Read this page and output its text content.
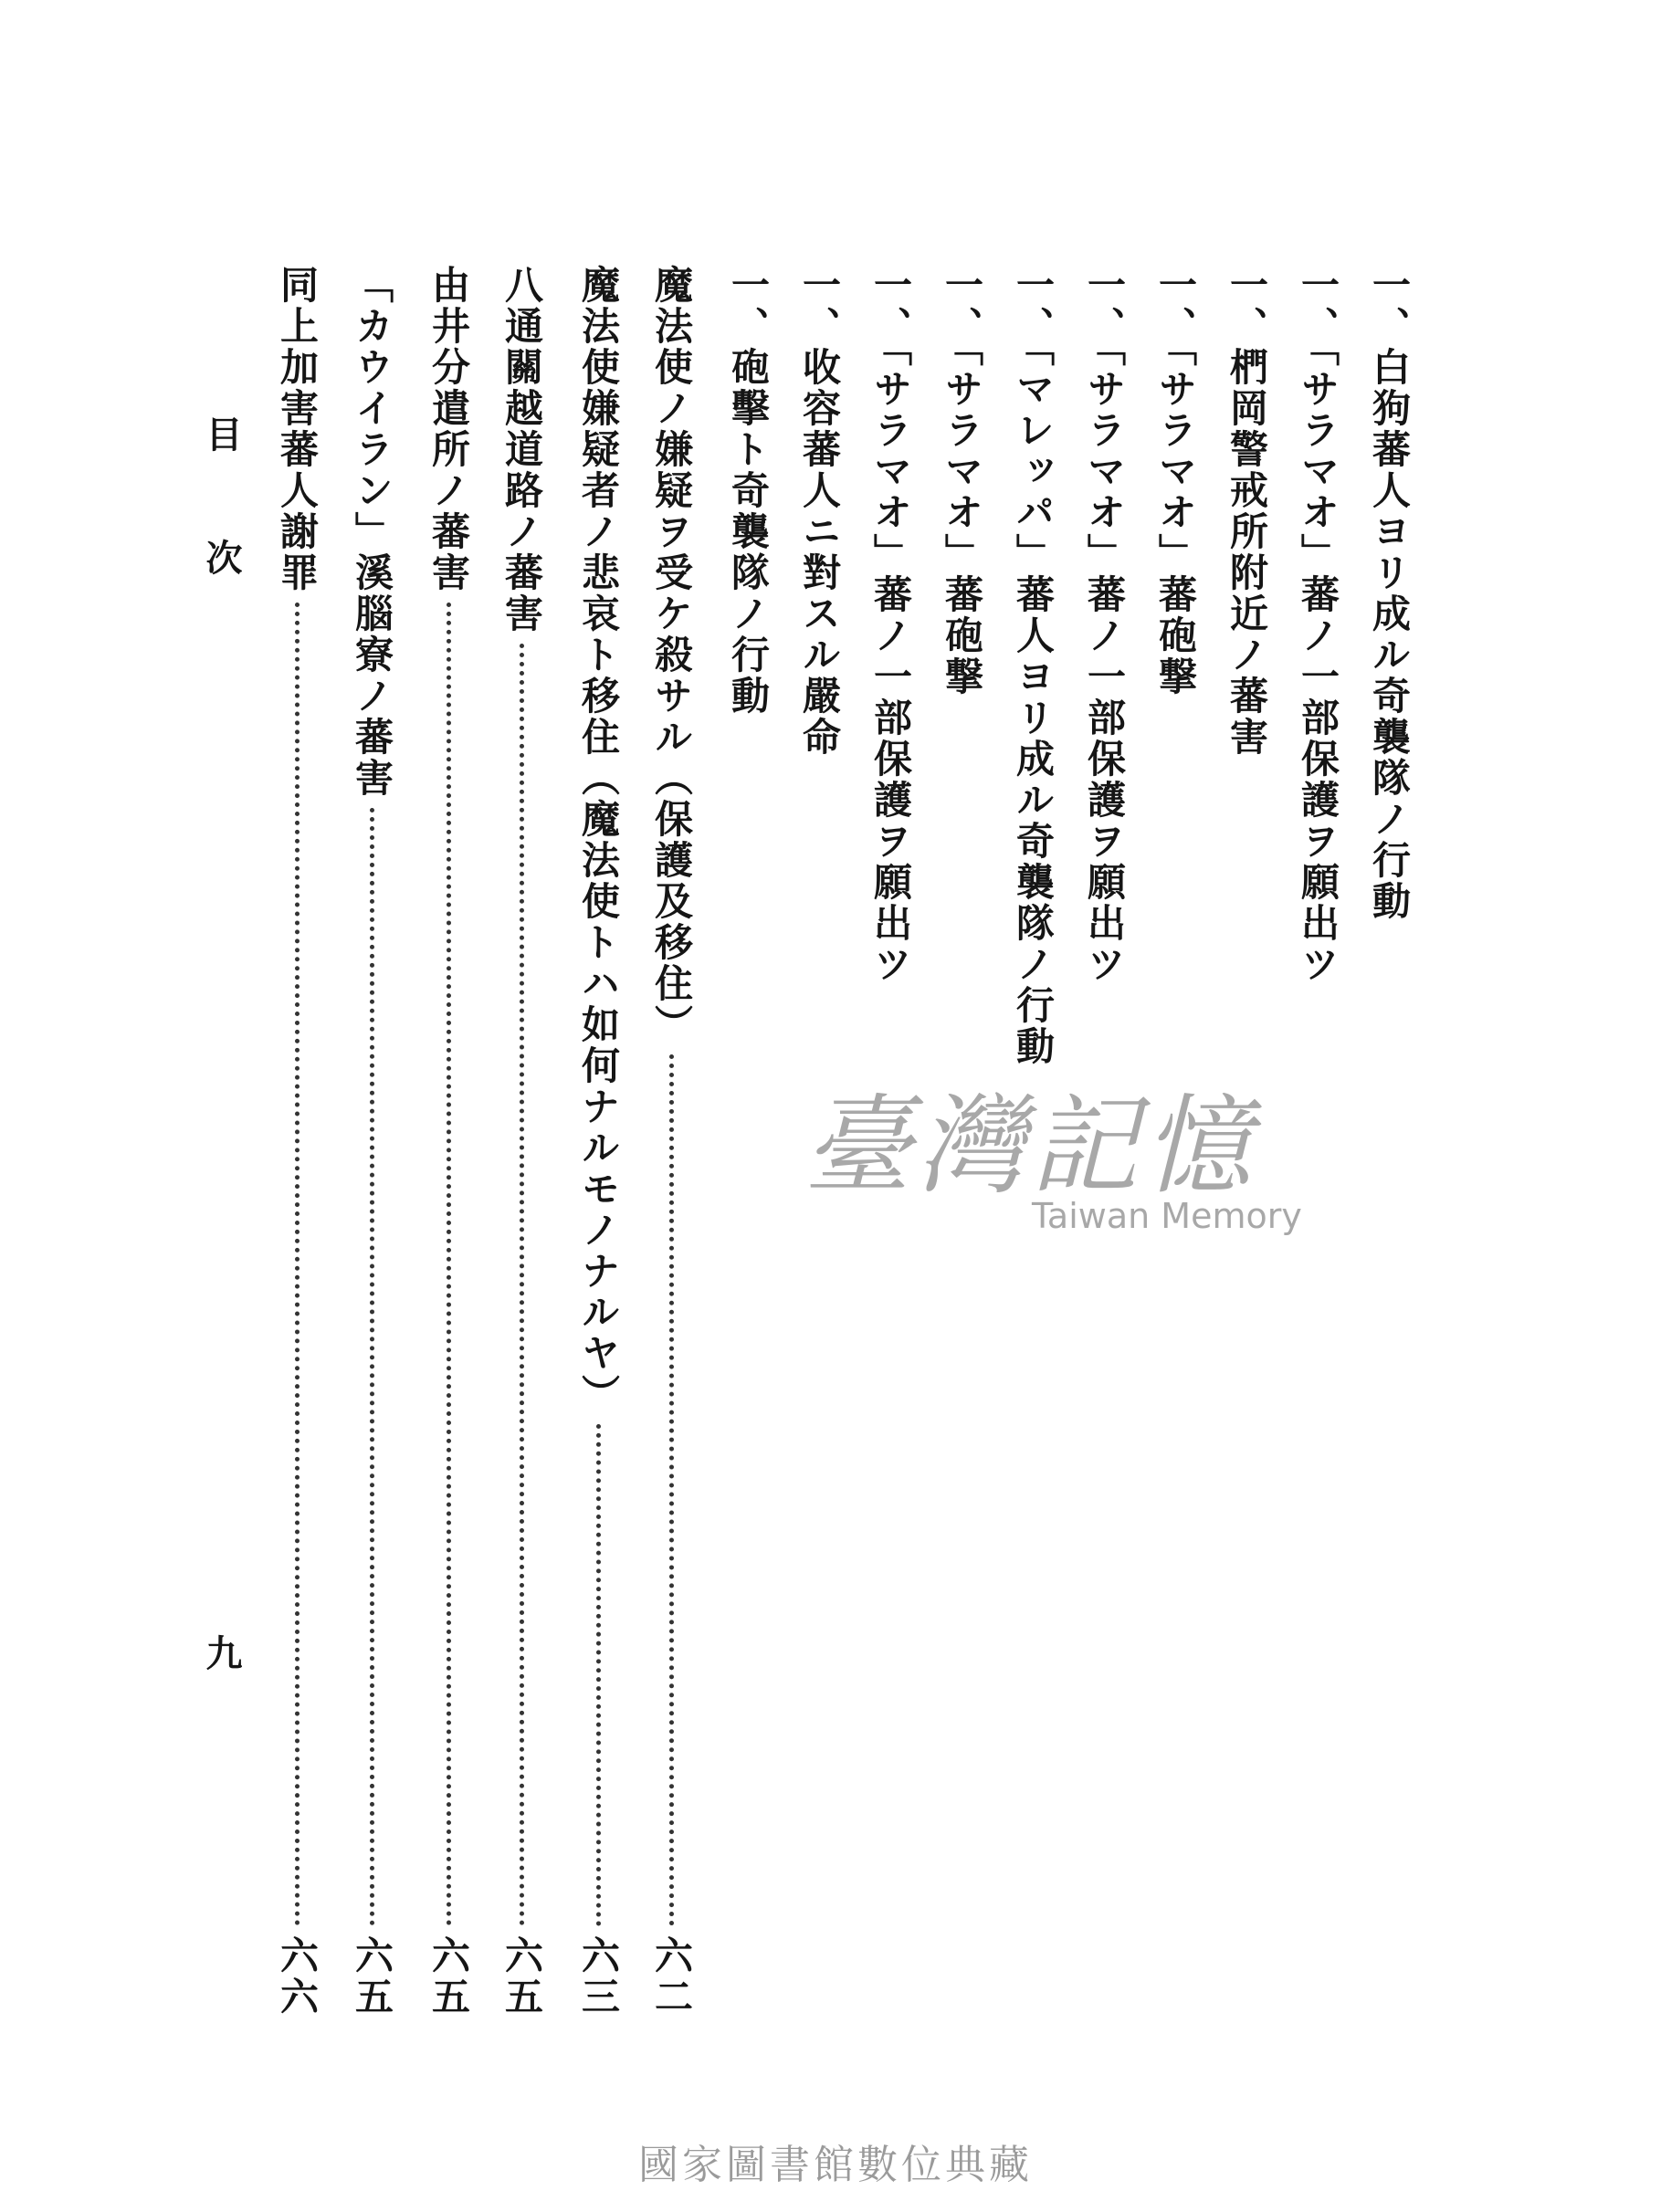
一、白狗蕃人ヨリ成ル奇襲隊ノ行動
一、「サラマオ」蕃ノ一部保護ヲ願出ツ
一、椚岡警戒所附近ノ蕃害
一、「サラマオ」蕃砲撃
一、「サラマオ」蕃ノ一部保護ヲ願出ツ
一、「マレッパ」蕃人ヨリ成ル奇襲隊ノ行動
一、「サラマオ」蕃砲撃
一、「サラマオ」蕃ノ一部保護ヲ願出ツ
一、收容蕃人ニ對スル嚴命
一、砲擊ト奇襲隊ノ行動
魔法使ノ嫌疑ヲ受ケ殺サル（保護及移住）
六二
魔法使嫌疑者ノ悲哀ト移住（魔法使トハ如何ナルモノナルヤ）
六三
八通關越道路ノ蕃害
六五
由井分遣所ノ蕃害
六五
「カウイラン」溪腦寮ノ蕃害
六五
同上加害蕃人謝罪
六六
目
次
九
臺灣記憶
Taiwan Memory
國家圖書館數位典藏
